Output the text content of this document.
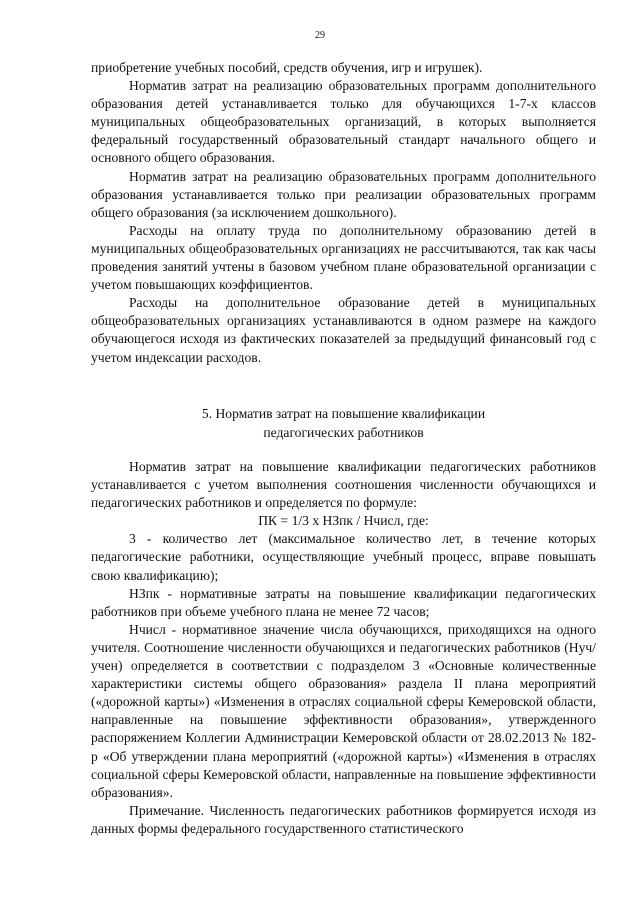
29

приобретение учебных пособий, средств обучения, игр и игрушек).

Норматив затрат на реализацию образовательных программ дополнительного образования детей устанавливается только для обучающихся 1-7-х классов муниципальных общеобразовательных организаций, в которых выполняется федеральный государственный образовательный стандарт начального общего и основного общего образования.

Норматив затрат на реализацию образовательных программ дополнительного образования устанавливается только при реализации образовательных программ общего образования (за исключением дошкольного).

Расходы на оплату труда по дополнительному образованию детей в муниципальных общеобразовательных организациях не рассчитываются, так как часы проведения занятий учтены в базовом учебном плане образовательной организации с учетом повышающих коэффициентов.

Расходы на дополнительное образование детей в муниципальных общеобразовательных организациях устанавливаются в одном размере на каждого обучающегося исходя из фактических показателей за предыдущий финансовый год с учетом индексации расходов.

5. Норматив затрат на повышение квалификации
педагогических работников

Норматив затрат на повышение квалификации педагогических работников устанавливается с учетом выполнения соотношения численности обучающихся и педагогических работников и определяется по формуле:

ПК = 1/3 х НЗпк / Нчисл, где:

3 - количество лет (максимальное количество лет, в течение которых педагогические работники, осуществляющие учебный процесс, вправе повышать свою квалификацию);

НЗпк - нормативные затраты на повышение квалификации педагогических работников при объеме учебного плана не менее 72 часов;

Нчисл - нормативное значение числа обучающихся, приходящихся на одного учителя. Соотношение численности обучающихся и педагогических работников (Нуч/учен) определяется в соответствии с подразделом 3 «Основные количественные характеристики системы общего образования» раздела II плана мероприятий («дорожной карты») «Изменения в отраслях социальной сферы Кемеровской области, направленные на повышение эффективности образования», утвержденного распоряжением Коллегии Администрации Кемеровской области от 28.02.2013 № 182-р «Об утверждении плана мероприятий («дорожной карты») «Изменения в отраслях социальной сферы Кемеровской области, направленные на повышение эффективности образования».

Примечание. Численность педагогических работников формируется исходя из данных формы федерального государственного статистического
